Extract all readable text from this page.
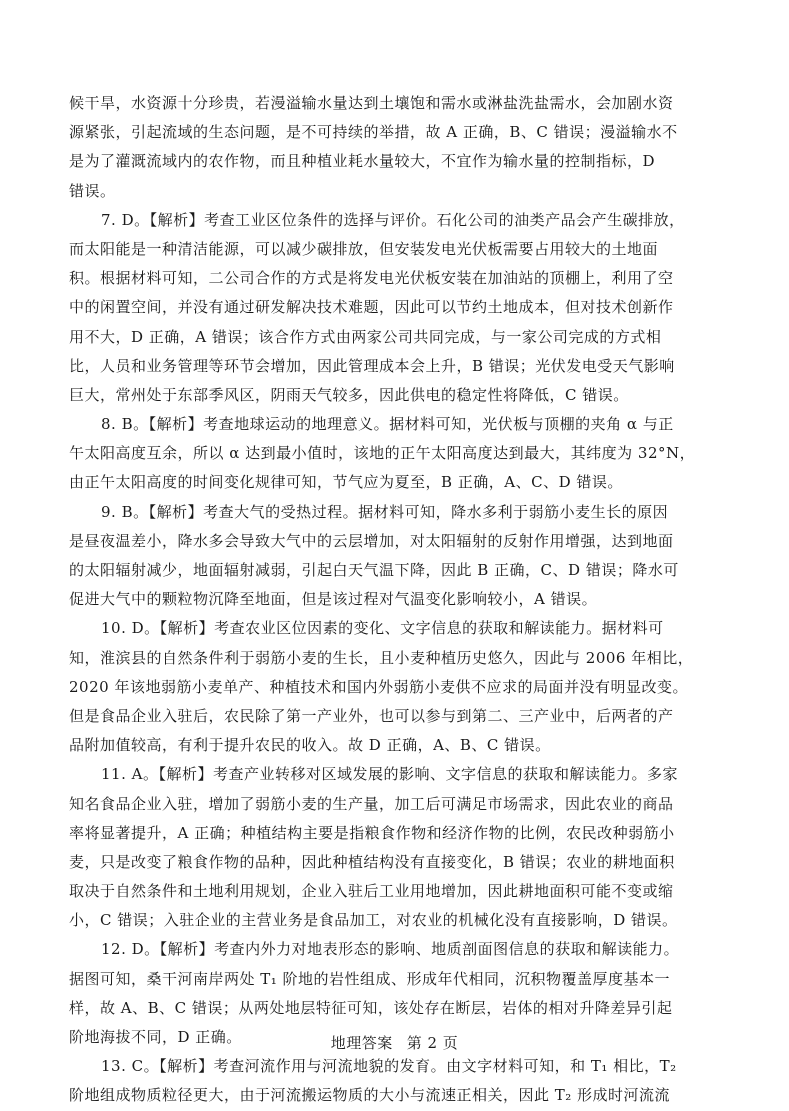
候干旱，水资源十分珍贵，若漫溢输水量达到土壤饱和需水或淋盐洗盐需水，会加剧水资
源紧张，引起流域的生态问题，是不可持续的举措，故 A 正确，B、C 错误；漫溢输水不
是为了灌溉流域内的农作物，而且种植业耗水量较大，不宜作为输水量的控制指标，D
错误。
7. D。【解析】考查工业区位条件的选择与评价。石化公司的油类产品会产生碳排放，
而太阳能是一种清洁能源，可以减少碳排放，但安装发电光伏板需要占用较大的土地面
积。根据材料可知，二公司合作的方式是将发电光伏板安装在加油站的顶棚上，利用了空
中的闲置空间，并没有通过研发解决技术难题，因此可以节约土地成本，但对技术创新作
用不大，D 正确，A 错误；该合作方式由两家公司共同完成，与一家公司完成的方式相
比，人员和业务管理等环节会增加，因此管理成本会上升，B 错误；光伏发电受天气影响
巨大，常州处于东部季风区，阴雨天气较多，因此供电的稳定性将降低，C 错误。
8. B。【解析】考查地球运动的地理意义。据材料可知，光伏板与顶棚的夹角 α 与正
午太阳高度互余，所以 α 达到最小值时，该地的正午太阳高度达到最大，其纬度为 32°N，
由正午太阳高度的时间变化规律可知，节气应为夏至，B 正确，A、C、D 错误。
9. B。【解析】考查大气的受热过程。据材料可知，降水多利于弱筋小麦生长的原因
是昼夜温差小，降水多会导致大气中的云层增加，对太阳辐射的反射作用增强，达到地面
的太阳辐射减少，地面辐射减弱，引起白天气温下降，因此 B 正确，C、D 错误；降水可
促进大气中的颗粒物沉降至地面，但是该过程对气温变化影响较小，A 错误。
10. D。【解析】考查农业区位因素的变化、文字信息的获取和解读能力。据材料可
知，淮滨县的自然条件利于弱筋小麦的生长，且小麦种植历史悠久，因此与 2006 年相比，
2020 年该地弱筋小麦单产、种植技术和国内外弱筋小麦供不应求的局面并没有明显改变。
但是食品企业入驻后，农民除了第一产业外，也可以参与到第二、三产业中，后两者的产
品附加值较高，有利于提升农民的收入。故 D 正确，A、B、C 错误。
11. A。【解析】考查产业转移对区域发展的影响、文字信息的获取和解读能力。多家
知名食品企业入驻，增加了弱筋小麦的生产量，加工后可满足市场需求，因此农业的商品
率将显著提升，A 正确；种植结构主要是指粮食作物和经济作物的比例，农民改种弱筋小
麦，只是改变了粮食作物的品种，因此种植结构没有直接变化，B 错误；农业的耕地面积
取决于自然条件和土地利用规划，企业入驻后工业用地增加，因此耕地面积可能不变或缩
小，C 错误；入驻企业的主营业务是食品加工，对农业的机械化没有直接影响，D 错误。
12. D。【解析】考查内外力对地表形态的影响、地质剖面图信息的获取和解读能力。
据图可知，桑干河南岸两处 T₁ 阶地的岩性组成、形成年代相同，沉积物覆盖厚度基本一
样，故 A、B、C 错误；从两处地层特征可知，该处存在断层，岩体的相对升降差异引起
阶地海拔不同，D 正确。
13. C。【解析】考查河流作用与河流地貌的发育。由文字材料可知，和 T₁ 相比，T₂
阶地组成物质粒径更大，由于河流搬运物质的大小与流速正相关，因此 T₂ 形成时河流流
地理答案 第 2 页
